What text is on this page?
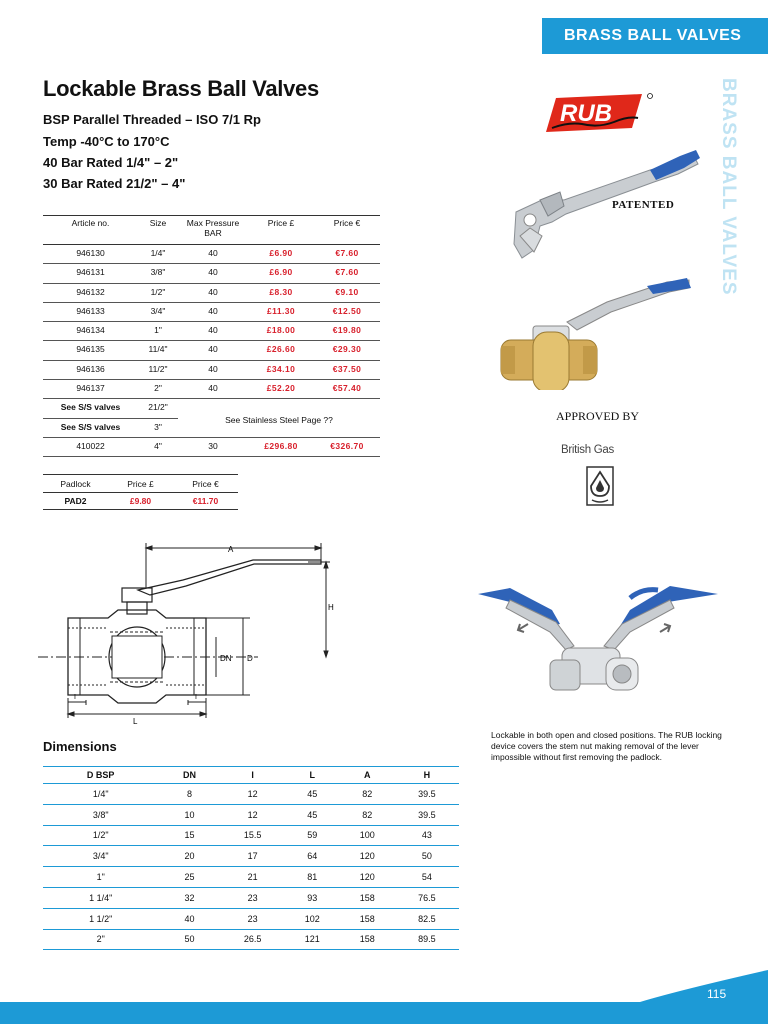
BRASS BALL VALVES
BRASS BALL VALVES
Lockable Brass Ball Valves
BSP Parallel Threaded – ISO 7/1 Rp
Temp -40°C to 170°C
40 Bar Rated 1/4" – 2"
30 Bar Rated 21/2" – 4"
Article no.	Size	Max Pressure BAR	Price £	Price €
946130	1/4"	40	£6.90	€7.60
946131	3/8"	40	£6.90	€7.60
946132	1/2"	40	£8.30	€9.10
946133	3/4"	40	£11.30	€12.50
946134	1"	40	£18.00	€19.80
946135	11/4"	40	£26.60	€29.30
946136	11/2"	40	£34.10	€37.50
946137	2"	40	£52.20	€57.40
See S/S valves	21/2"	See Stainless Steel Page ??		
See S/S valves	3"			
410022	4"	30	£296.80	€326.70
Padlock	Price £	Price €
PAD2	£9.80	€11.70
A
H
DN D
I	I
L
Dimensions
D BSP	DN	I	L	A	H
1/4"	8	12	45	82	39.5
3/8"	10	12	45	82	39.5
1/2"	15	15.5	59	100	43
3/4"	20	17	64	120	50
1"	25	21	81	120	54
1 1/4"	32	23	93	158	76.5
1 1/2"	40	23	102	158	82.5
2"	50	26.5	121	158	89.5
RUB
PATENTED
APPROVED BY
British Gas
Lockable in both open and closed positions. The RUB locking device covers the stem nut making removal of the lever impossible without first removing the padlock.
115
